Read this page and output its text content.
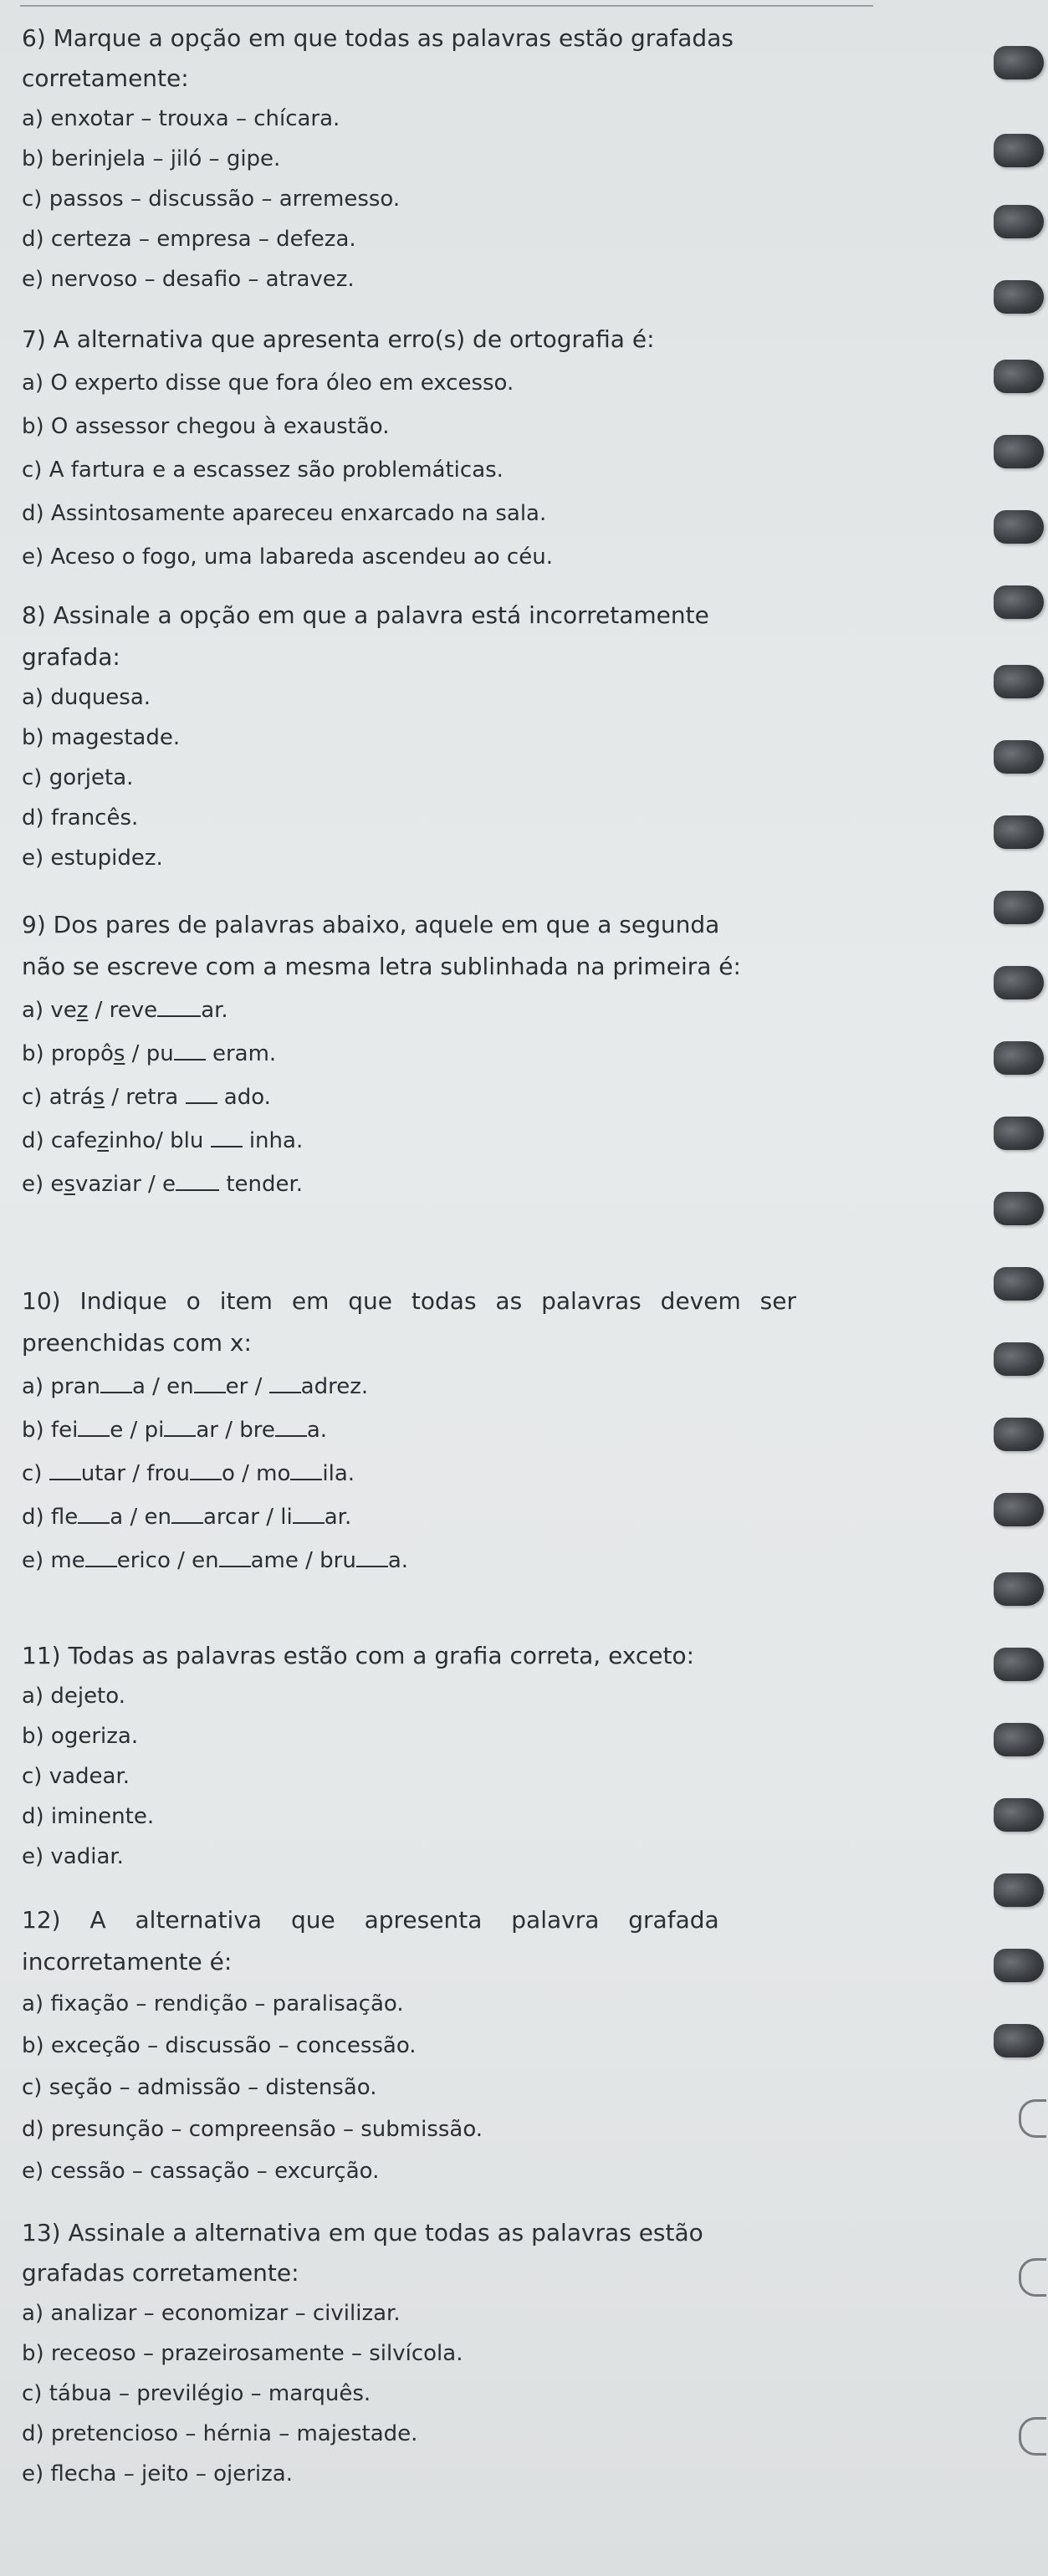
6) Marque a opção em que todas as palavras estão grafadas
corretamente:
a) enxotar – trouxa – chícara.
b) berinjela – jiló – gipe.
c) passos – discussão – arremesso.
d) certeza – empresa – defeza.
e) nervoso – desafio – atravez.
7) A alternativa que apresenta erro(s) de ortografia é:
a) O experto disse que fora óleo em excesso.
b) O assessor chegou à exaustão.
c) A fartura e a escassez são problemáticas.
d) Assintosamente apareceu enxarcado na sala.
e) Aceso o fogo, uma labareda ascendeu ao céu.
8) Assinale a opção em que a palavra está incorretamente
grafada:
a) duquesa.
b) magestade.
c) gorjeta.
d) francês.
e) estupidez.
9) Dos pares de palavras abaixo, aquele em que a segunda
não se escreve com a mesma letra sublinhada na primeira é:
a) vez / reve ar.
b) propôs / pu eram.
c) atrás / retra  ado.
d) cafezinho/ blu  inha.
e) esvaziar / e tender.
10) Indique o item em que todas as palavras devem ser
preenchidas com x:
a) pran a / en er / adrez.
b) fei e / pi ar / bre a.
c) utar / frou o / mo ila.
d) fle a / en arcar / li ar.
e) me erico / en ame / bru a.
11) Todas as palavras estão com a grafia correta, exceto:
a) dejeto.
b) ogeriza.
c) vadear.
d) iminente.
e) vadiar.
12) A alternativa que apresenta palavra grafada
incorretamente é:
a) fixação – rendição – paralisação.
b) exceção – discussão – concessão.
c) seção – admissão – distensão.
d) presunção – compreensão – submissão.
e) cessão – cassação – excurção.
13) Assinale a alternativa em que todas as palavras estão
grafadas corretamente:
a) analizar – economizar – civilizar.
b) receoso – prazeirosamente – silvícola.
c) tábua – previlégio – marquês.
d) pretencioso – hérnia – majestade.
e) flecha – jeito – ojeriza.
